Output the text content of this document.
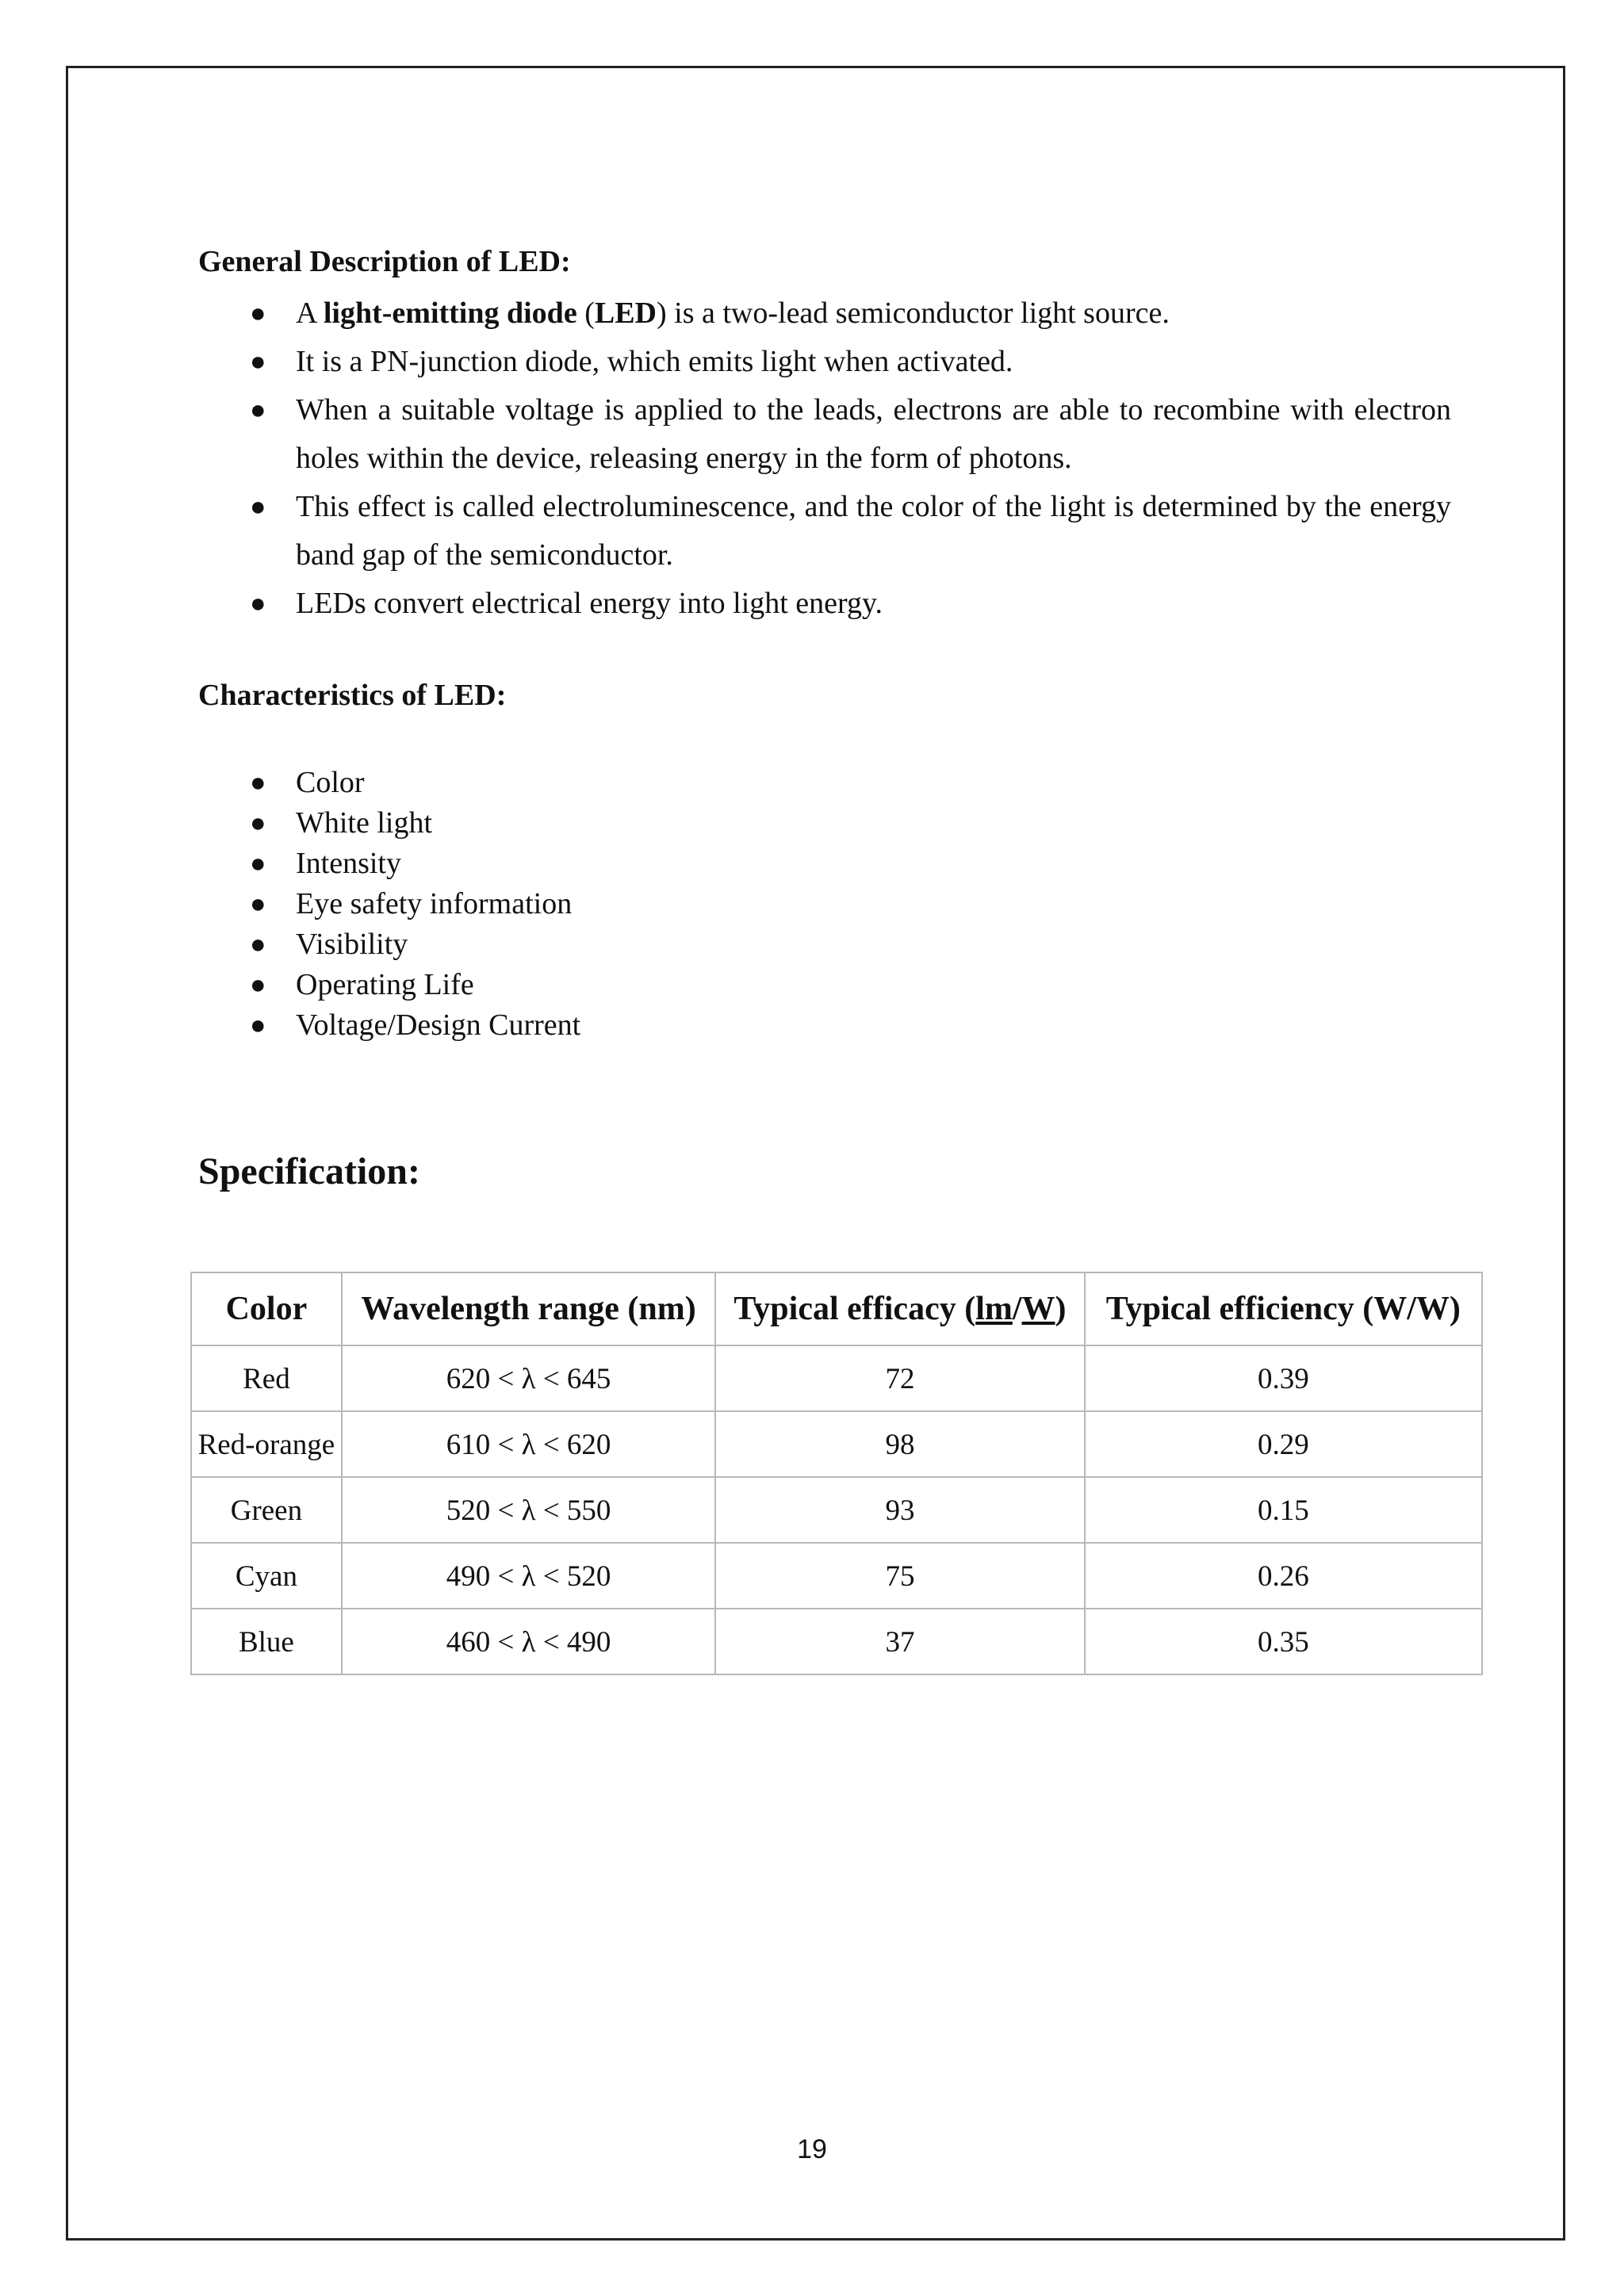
General Description of LED:
● A light-emitting diode (LED) is a two-lead semiconductor light source.
● It is a PN-junction diode, which emits light when activated.
● When a suitable voltage is applied to the leads, electrons are able to recombine with electron holes within the device, releasing energy in the form of photons.
● This effect is called electroluminescence, and the color of the light is determined by the energy band gap of the semiconductor.
● LEDs convert electrical energy into light energy.
Characteristics of LED:
● Color
● White light
● Intensity
● Eye safety information
● Visibility
● Operating Life
● Voltage/Design Current
Specification:
Color	Wavelength range (nm)	Typical efficacy (lm/W)	Typical efficiency (W/W)
Red	620 < λ < 645	72	0.39
Red-orange	610 < λ < 620	98	0.29
Green	520 < λ < 550	93	0.15
Cyan	490 < λ < 520	75	0.26
Blue	460 < λ < 490	37	0.35
19
